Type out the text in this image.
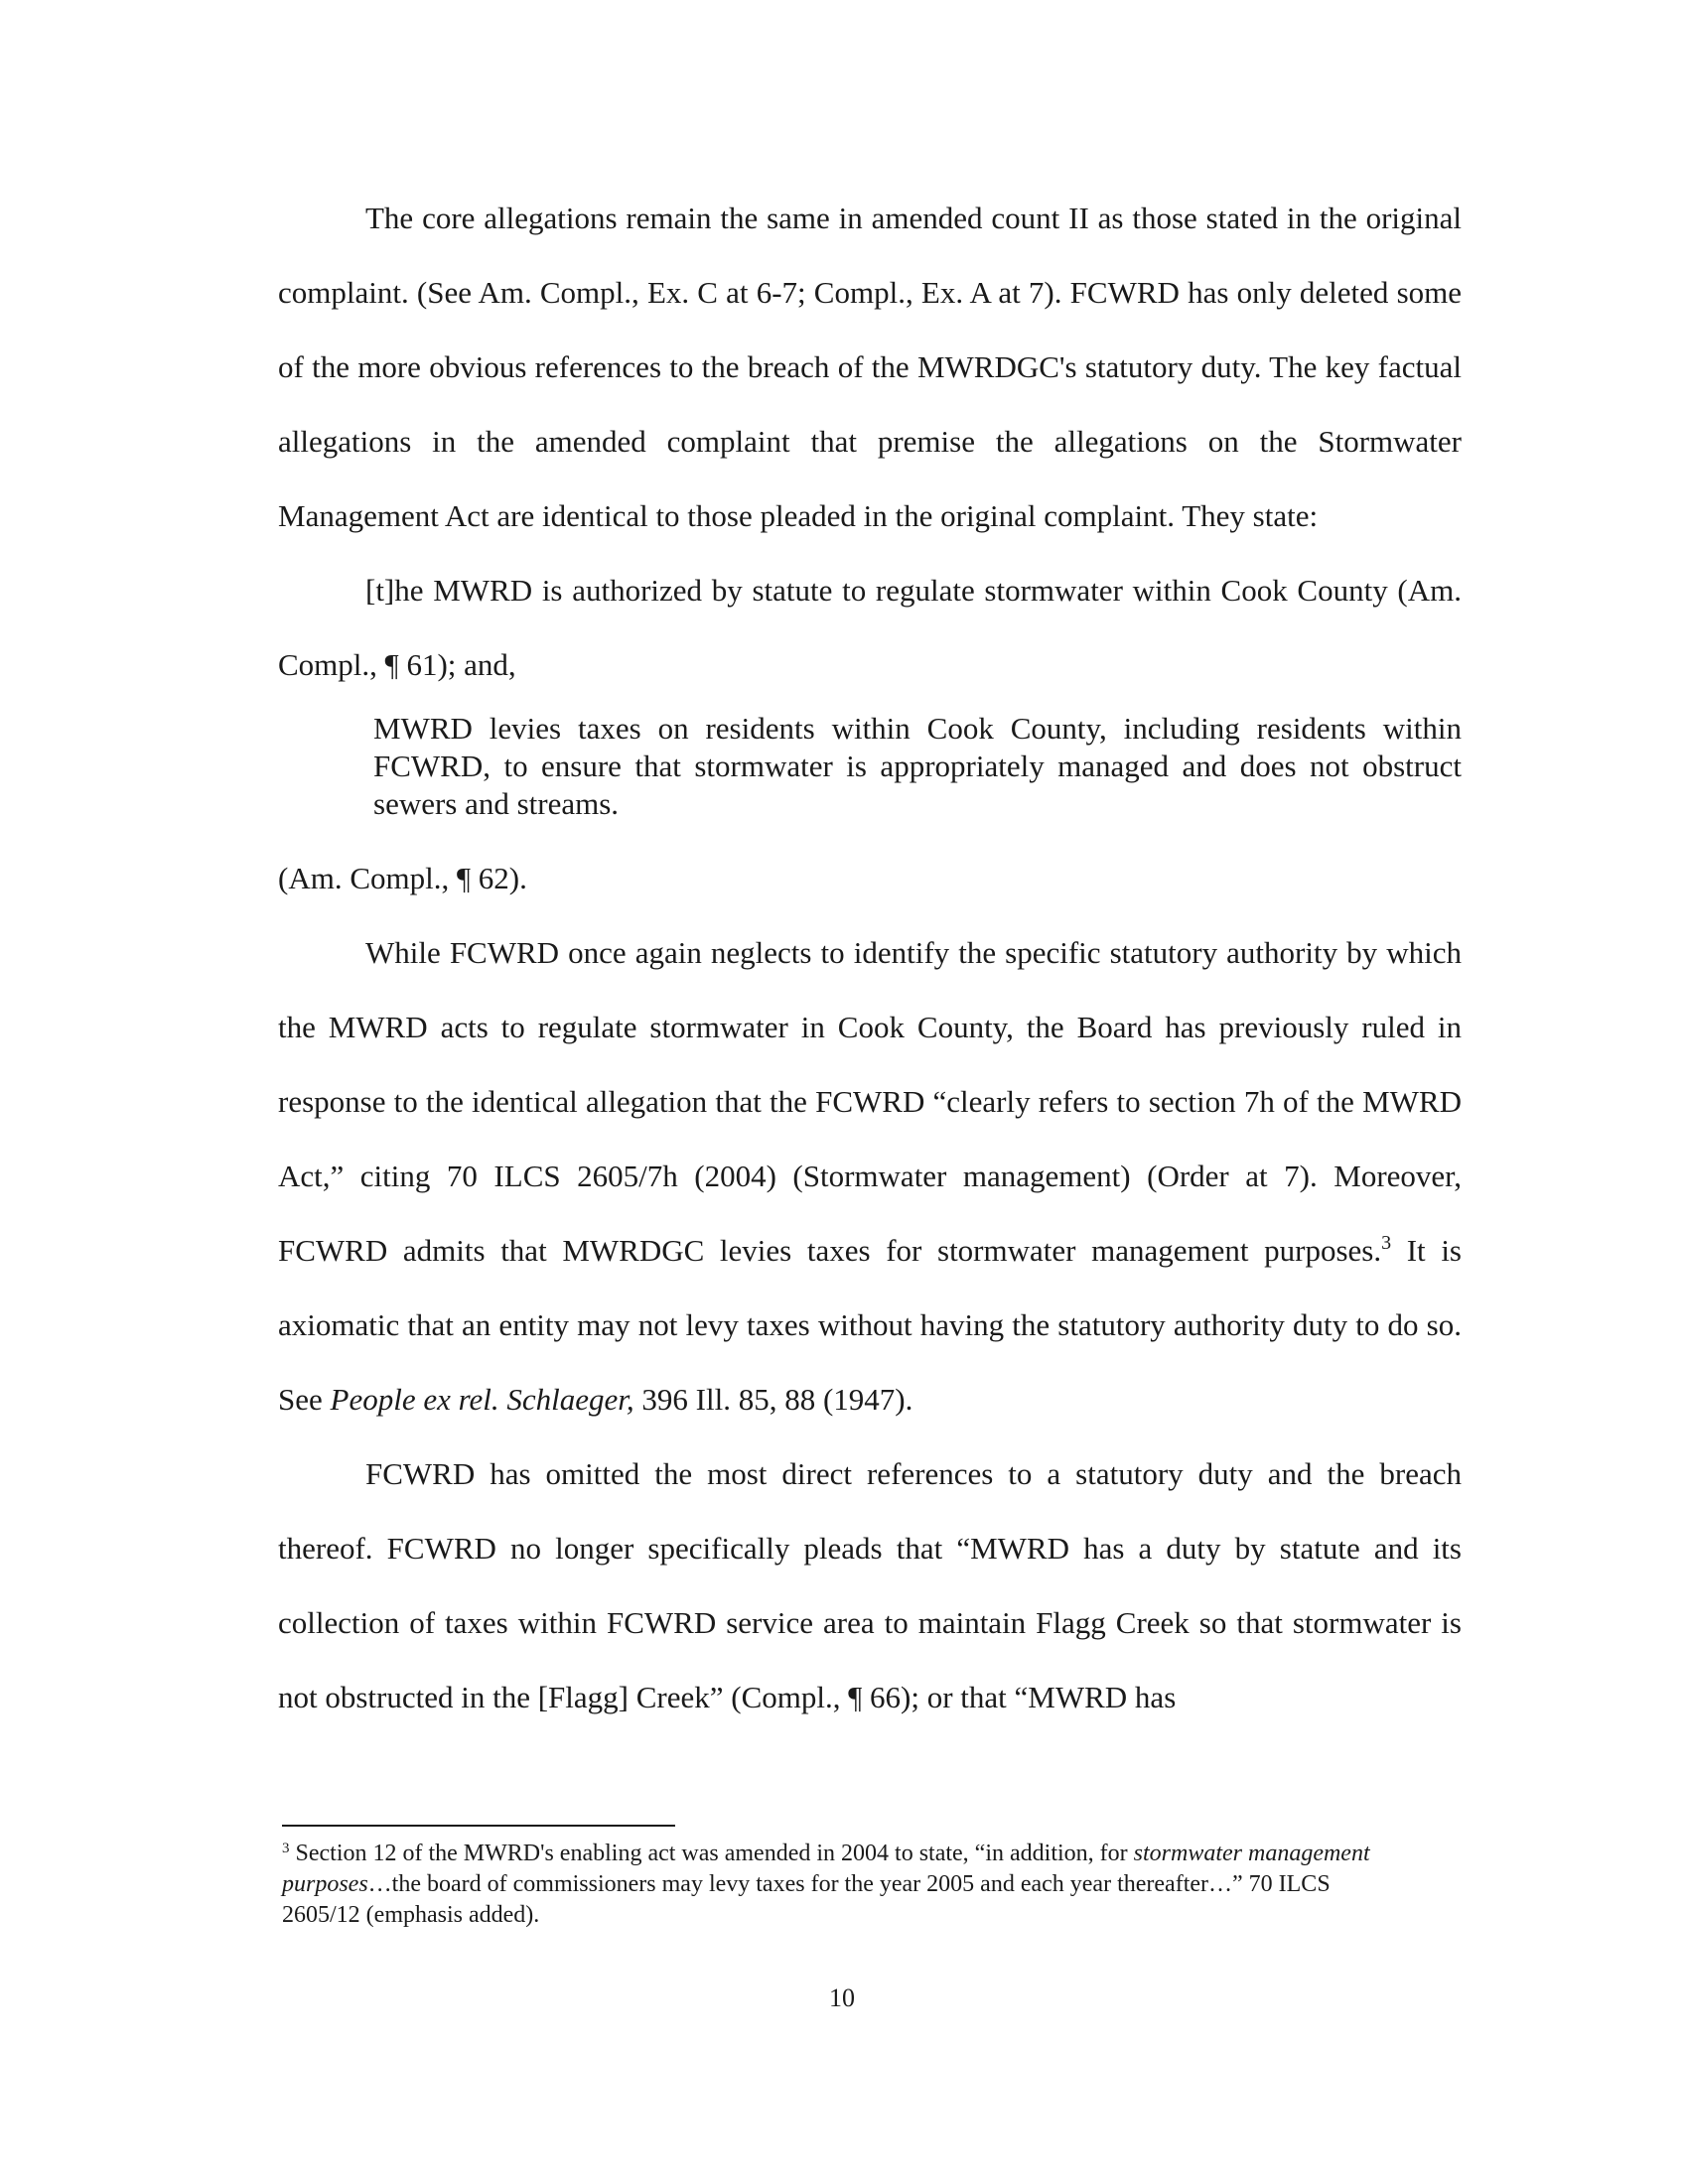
The core allegations remain the same in amended count II as those stated in the original complaint. (See Am. Compl., Ex. C at 6-7; Compl., Ex. A at 7). FCWRD has only deleted some of the more obvious references to the breach of the MWRDGC's statutory duty. The key factual allegations in the amended complaint that premise the allegations on the Stormwater Management Act are identical to those pleaded in the original complaint. They state:

[t]he MWRD is authorized by statute to regulate stormwater within Cook County (Am. Compl., ¶ 61); and,

MWRD levies taxes on residents within Cook County, including residents within FCWRD, to ensure that stormwater is appropriately managed and does not obstruct sewers and streams.

(Am. Compl., ¶ 62).

While FCWRD once again neglects to identify the specific statutory authority by which the MWRD acts to regulate stormwater in Cook County, the Board has previously ruled in response to the identical allegation that the FCWRD “clearly refers to section 7h of the MWRD Act,” citing 70 ILCS 2605/7h (2004) (Stormwater management) (Order at 7). Moreover, FCWRD admits that MWRDGC levies taxes for stormwater management purposes.$^3$ It is axiomatic that an entity may not levy taxes without having the statutory authority duty to do so. See People ex rel. Schlaeger, 396 Ill. 85, 88 (1947).

FCWRD has omitted the most direct references to a statutory duty and the breach thereof. FCWRD no longer specifically pleads that “MWRD has a duty by statute and its collection of taxes within FCWRD service area to maintain Flagg Creek so that stormwater is not obstructed in the [Flagg] Creek” (Compl., ¶ 66); or that “MWRD has

$^3$ Section 12 of the MWRD's enabling act was amended in 2004 to state, “in addition, for stormwater management purposes…the board of commissioners may levy taxes for the year 2005 and each year thereafter…” 70 ILCS 2605/12 (emphasis added).
10
